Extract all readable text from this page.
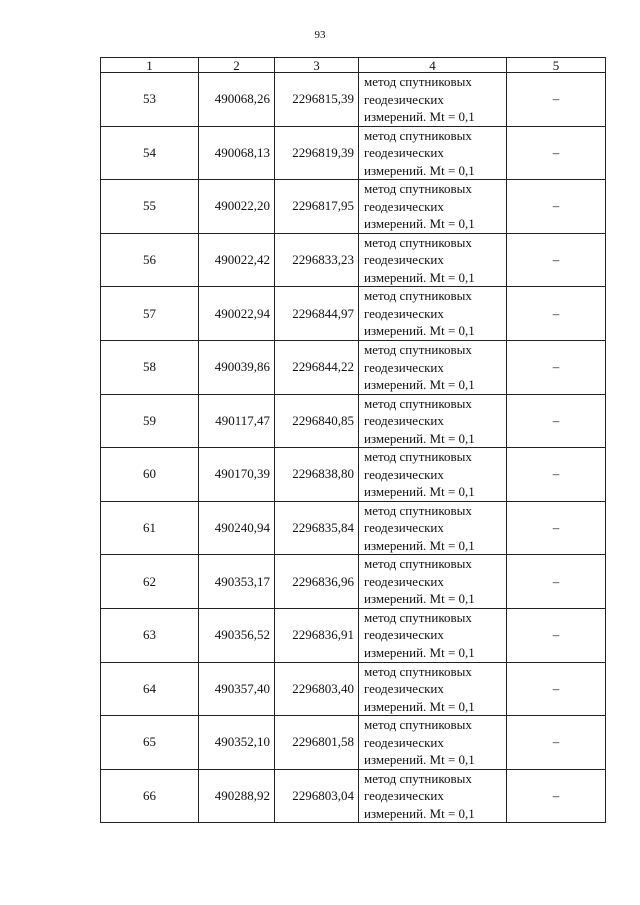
93
1	2	3	4	5
53	490068,26	2296815,39	метод спутниковых
геодезических
измерений. Mt = 0,1	–
54	490068,13	2296819,39	метод спутниковых
геодезических
измерений. Mt = 0,1	–
55	490022,20	2296817,95	метод спутниковых
геодезических
измерений. Mt = 0,1	–
56	490022,42	2296833,23	метод спутниковых
геодезических
измерений. Mt = 0,1	–
57	490022,94	2296844,97	метод спутниковых
геодезических
измерений. Mt = 0,1	–
58	490039,86	2296844,22	метод спутниковых
геодезических
измерений. Mt = 0,1	–
59	490117,47	2296840,85	метод спутниковых
геодезических
измерений. Mt = 0,1	–
60	490170,39	2296838,80	метод спутниковых
геодезических
измерений. Mt = 0,1	–
61	490240,94	2296835,84	метод спутниковых
геодезических
измерений. Mt = 0,1	–
62	490353,17	2296836,96	метод спутниковых
геодезических
измерений. Mt = 0,1	–
63	490356,52	2296836,91	метод спутниковых
геодезических
измерений. Mt = 0,1	–
64	490357,40	2296803,40	метод спутниковых
геодезических
измерений. Mt = 0,1	–
65	490352,10	2296801,58	метод спутниковых
геодезических
измерений. Mt = 0,1	–
66	490288,92	2296803,04	метод спутниковых
геодезических
измерений. Mt = 0,1	–
